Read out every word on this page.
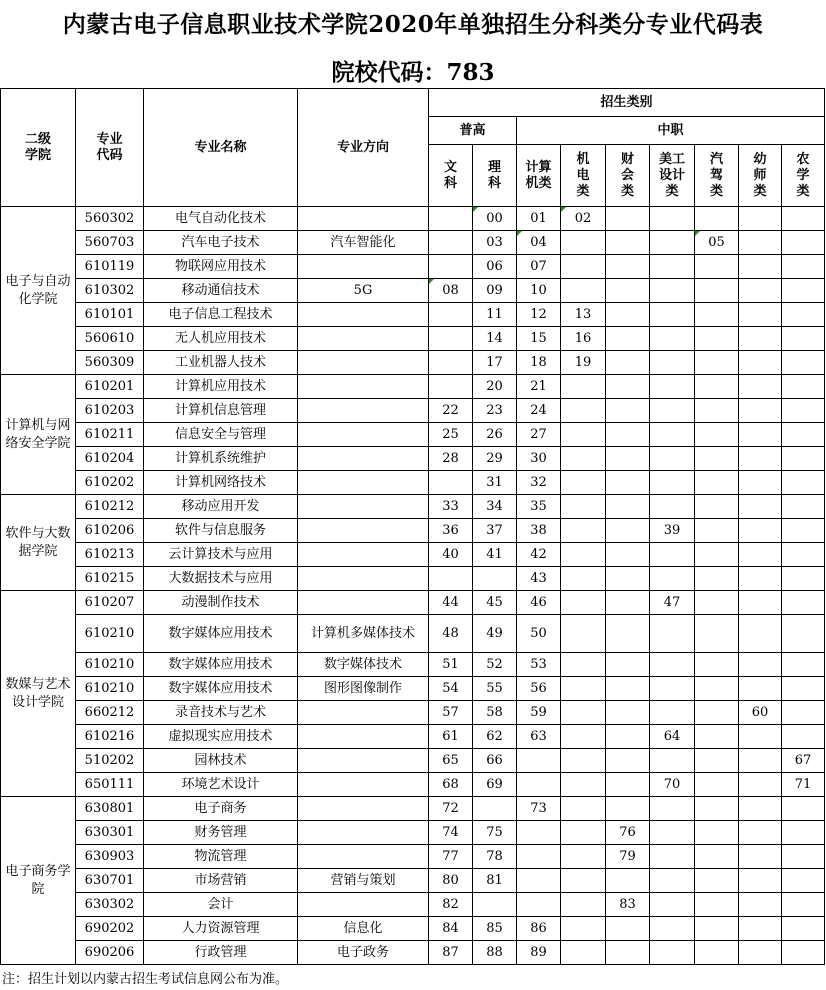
内蒙古电子信息职业技术学院2020年单独招生分科类分专业代码表
院校代码：783
二级学院	专业代码	专业名称	专业方向	招生类别								
				普高		中职						
				文科	理科	计算机类	机电类	财会类	美工设计类	汽驾类	幼师类	农学类
电子与自动化学院	560302	电气自动化技术			00	01	02					
	560703	汽车电子技术	汽车智能化		03	04				05		
	610119	物联网应用技术			06	07						
	610302	移动通信技术	5G	08	09	10						
	610101	电子信息工程技术			11	12	13					
	560610	无人机应用技术			14	15	16					
	560309	工业机器人技术			17	18	19					
计算机与网络安全学院	610201	计算机应用技术			20	21						
	610203	计算机信息管理		22	23	24						
	610211	信息安全与管理		25	26	27						
	610204	计算机系统维护		28	29	30						
	610202	计算机网络技术			31	32						
软件与大数据学院	610212	移动应用开发		33	34	35						
	610206	软件与信息服务		36	37	38			39			
	610213	云计算技术与应用		40	41	42						
	610215	大数据技术与应用				43						
数媒与艺术设计学院	610207	动漫制作技术		44	45	46			47			
	610210	数字媒体应用技术	计算机多媒体技术	48	49	50						
	610210	数字媒体应用技术	数字媒体技术	51	52	53						
	610210	数字媒体应用技术	图形图像制作	54	55	56						
	660212	录音技术与艺术		57	58	59					60	
	610216	虚拟现实应用技术		61	62	63			64			
	510202	园林技术		65	66							67
	650111	环境艺术设计		68	69				70			71
电子商务学院	630801	电子商务		72		73						
	630301	财务管理		74	75			76				
	630903	物流管理		77	78			79				
	630701	市场营销	营销与策划	80	81							
	630302	会计		82				83				
	690202	人力资源管理	信息化	84	85	86						
	690206	行政管理	电子政务	87	88	89						
注：招生计划以内蒙古招生考试信息网公布为准。
